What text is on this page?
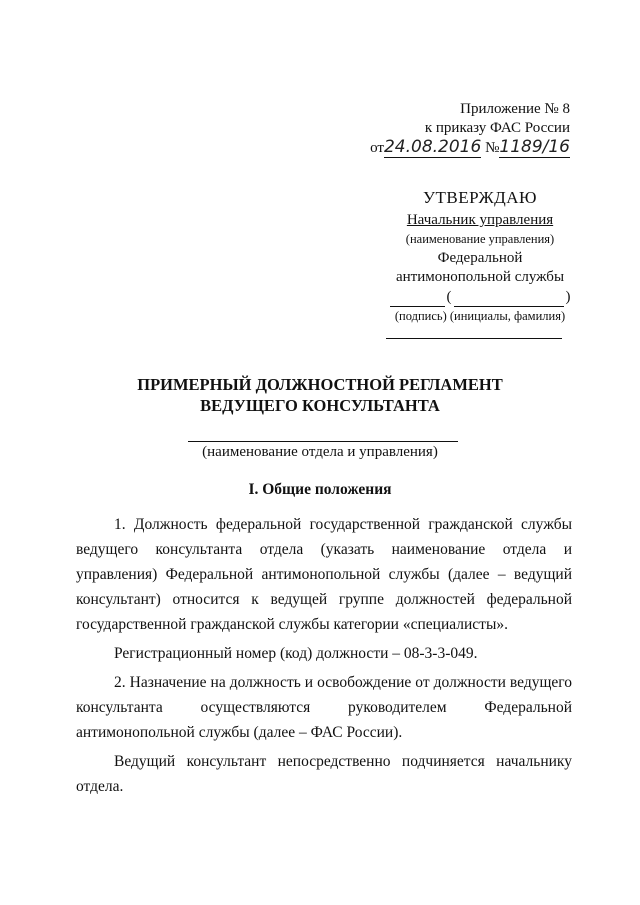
Приложение № 8
к приказу ФАС России
от24.08.2016 №1189/16
УТВЕРЖДАЮ
Начальник управления
(наименование управления)
Федеральной
антимонопольной службы
(	)
(подпись) (инициалы, фамилия)
ПРИМЕРНЫЙ ДОЛЖНОСТНОЙ РЕГЛАМЕНТ
ВЕДУЩЕГО КОНСУЛЬТАНТА
(наименование отдела и управления)
I. Общие положения

1. Должность федеральной государственной гражданской службы ведущего консультанта отдела (указать наименование отдела и управления) Федеральной антимонопольной службы (далее – ведущий консультант) относится к ведущей группе должностей федеральной государственной гражданской службы категории «специалисты».

Регистрационный номер (код) должности – 08-3-3-049.

2. Назначение на должность и освобождение от должности ведущего консультанта осуществляются руководителем Федеральной антимонопольной службы (далее – ФАС России).

Ведущий консультант непосредственно подчиняется начальнику отдела.
